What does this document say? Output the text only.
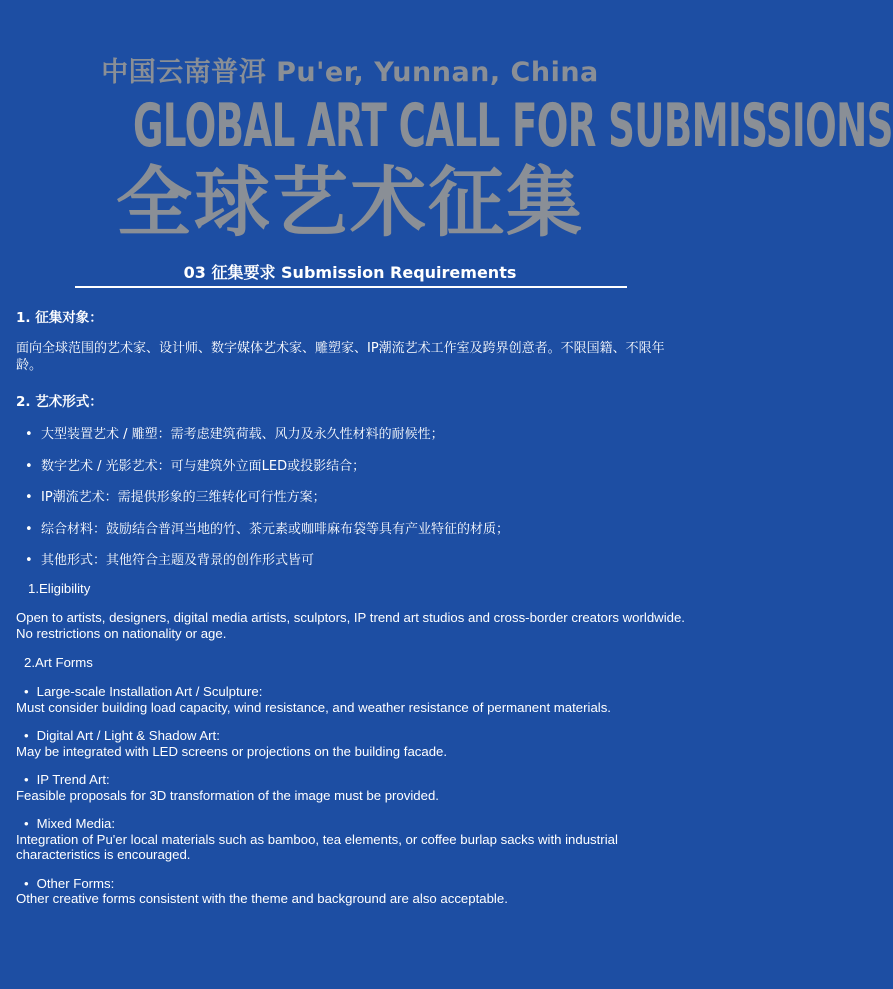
中国云南普洱 Pu'er, Yunnan, China
GLOBAL ART CALL FOR SUBMISSIONS
全球艺术征集
03 征集要求 Submission Requirements
1. 征集对象：
面向全球范围的艺术家、设计师、数字媒体艺术家、雕塑家、IP潮流艺术工作室及跨界创意者。不限国籍、不限年龄。
2. 艺术形式：
• 大型装置艺术 / 雕塑：需考虑建筑荷载、风力及永久性材料的耐候性；
• 数字艺术 / 光影艺术：可与建筑外立面LED或投影结合；
• IP潮流艺术：需提供形象的三维转化可行性方案；
• 综合材料：鼓励结合普洱当地的竹、茶元素或咖啡麻布袋等具有产业特征的材质；
• 其他形式：其他符合主题及背景的创作形式皆可
1.Eligibility
Open to artists, designers, digital media artists, sculptors, IP trend art studios and cross-border creators worldwide. No restrictions on nationality or age.
2.Art Forms
• Large-scale Installation Art / Sculpture:
Must consider building load capacity, wind resistance, and weather resistance of permanent materials.
• Digital Art / Light & Shadow Art:
May be integrated with LED screens or projections on the building facade.
• IP Trend Art:
Feasible proposals for 3D transformation of the image must be provided.
• Mixed Media:
Integration of Pu'er local materials such as bamboo, tea elements, or coffee burlap sacks with industrial characteristics is encouraged.
• Other Forms:
Other creative forms consistent with the theme and background are also acceptable.
